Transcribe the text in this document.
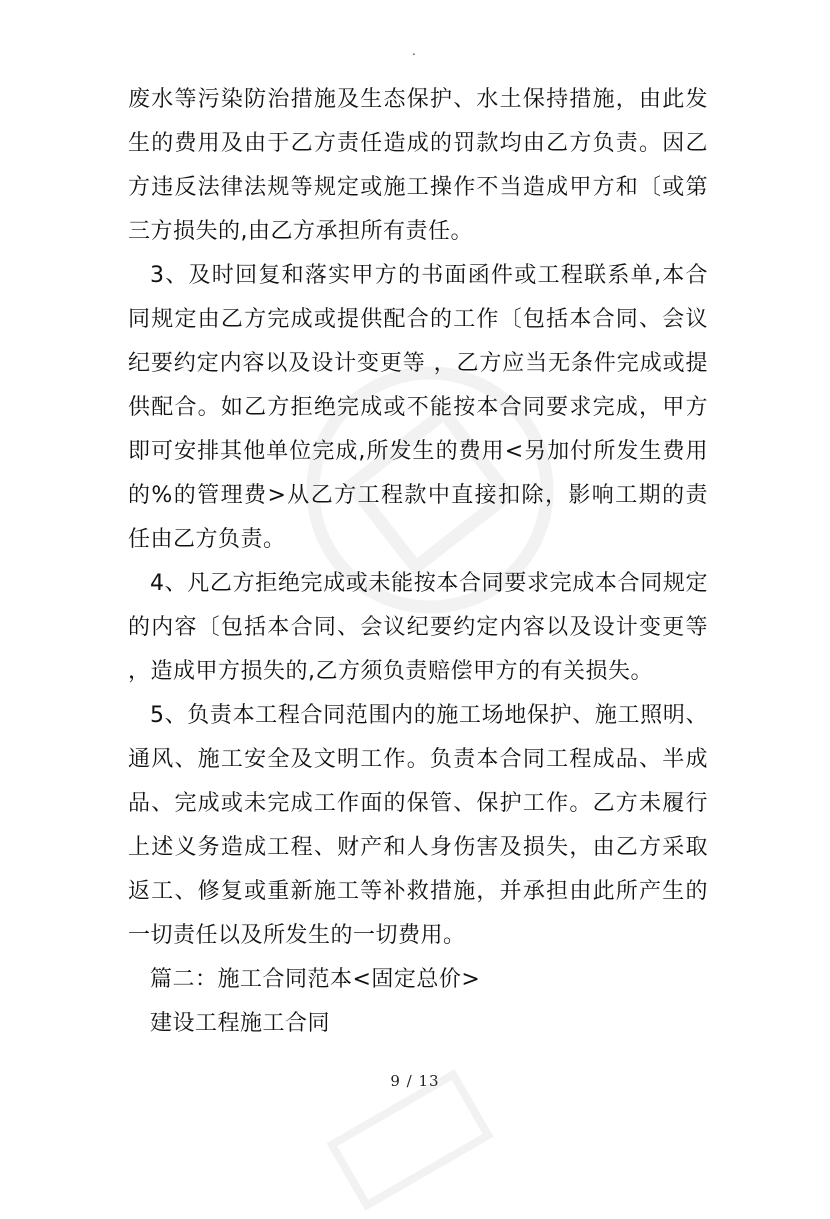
.

废水等污染防治措施及生态保护、水土保持措施，由此发生的费用及由于乙方责任造成的罚款均由乙方负责。因乙方违反法律法规等规定或施工操作不当造成甲方和〔或第三方损失的,由乙方承担所有责任。

3、及时回复和落实甲方的书面函件或工程联系单,本合同规定由乙方完成或提供配合的工作〔包括本合同、会议纪要约定内容以及设计变更等 ，乙方应当无条件完成或提供配合。如乙方拒绝完成或不能按本合同要求完成，甲方即可安排其他单位完成,所发生的费用<另加付所发生费用的%的管理费>从乙方工程款中直接扣除，影响工期的责任由乙方负责。

4、凡乙方拒绝完成或未能按本合同要求完成本合同规定的内容〔包括本合同、会议纪要约定内容以及设计变更等 ，造成甲方损失的,乙方须负责赔偿甲方的有关损失。

5、负责本工程合同范围内的施工场地保护、施工照明、通风、施工安全及文明工作。负责本合同工程成品、半成品、完成或未完成工作面的保管、保护工作。乙方未履行上述义务造成工程、财产和人身伤害及损失，由乙方采取返工、修复或重新施工等补救措施，并承担由此所产生的一切责任以及所发生的一切费用。

篇二：施工合同范本<固定总价>

建设工程施工合同

9 / 13
